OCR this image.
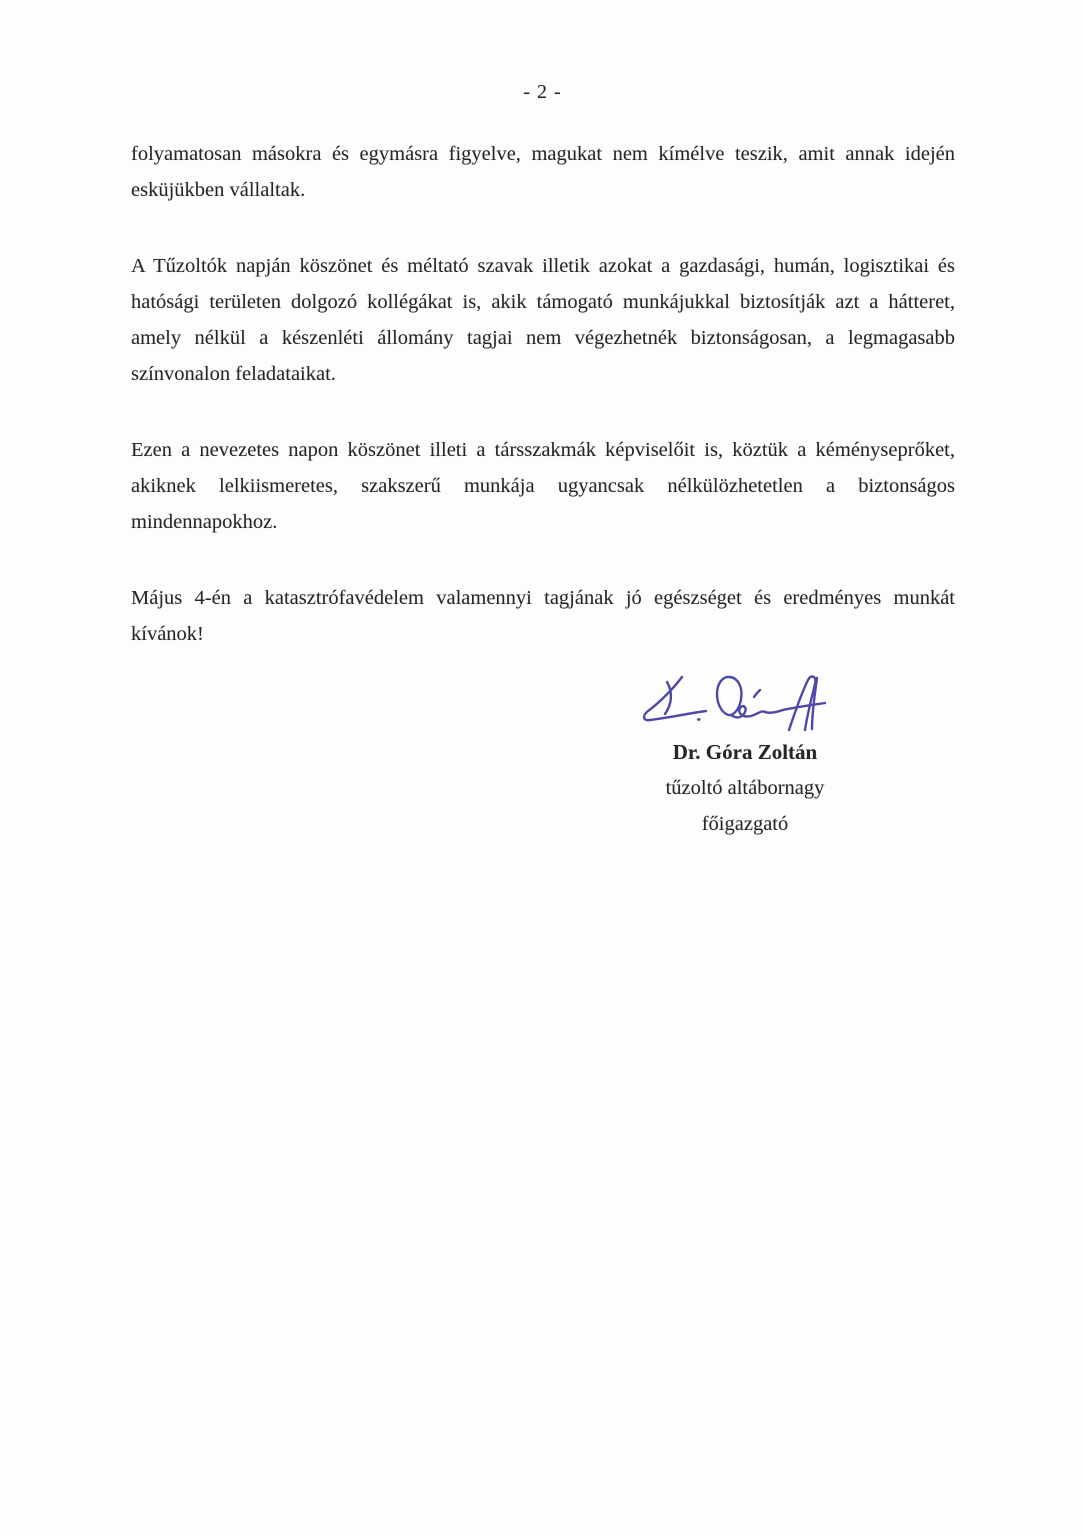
- 2 -

folyamatosan másokra és egymásra figyelve, magukat nem kímélve teszik, amit annak idején esküjükben vállaltak.

A Tűzoltók napján köszönet és méltató szavak illetik azokat a gazdasági, humán, logisztikai és hatósági területen dolgozó kollégákat is, akik támogató munkájukkal biztosítják azt a hátteret, amely nélkül a készenléti állomány tagjai nem végezhetnék biztonságosan, a legmagasabb színvonalon feladataikat.

Ezen a nevezetes napon köszönet illeti a társszakmák képviselőit is, köztük a kéményseprőket, akiknek lelkiismeretes, szakszerű munkája ugyancsak nélkülözhetetlen a biztonságos mindennapokhoz.

Május 4-én a katasztrófavédelem valamennyi tagjának jó egészséget és eredményes munkát kívánok!

Dr. Góra Zoltán
tűzoltó altábornagy
főigazgató
